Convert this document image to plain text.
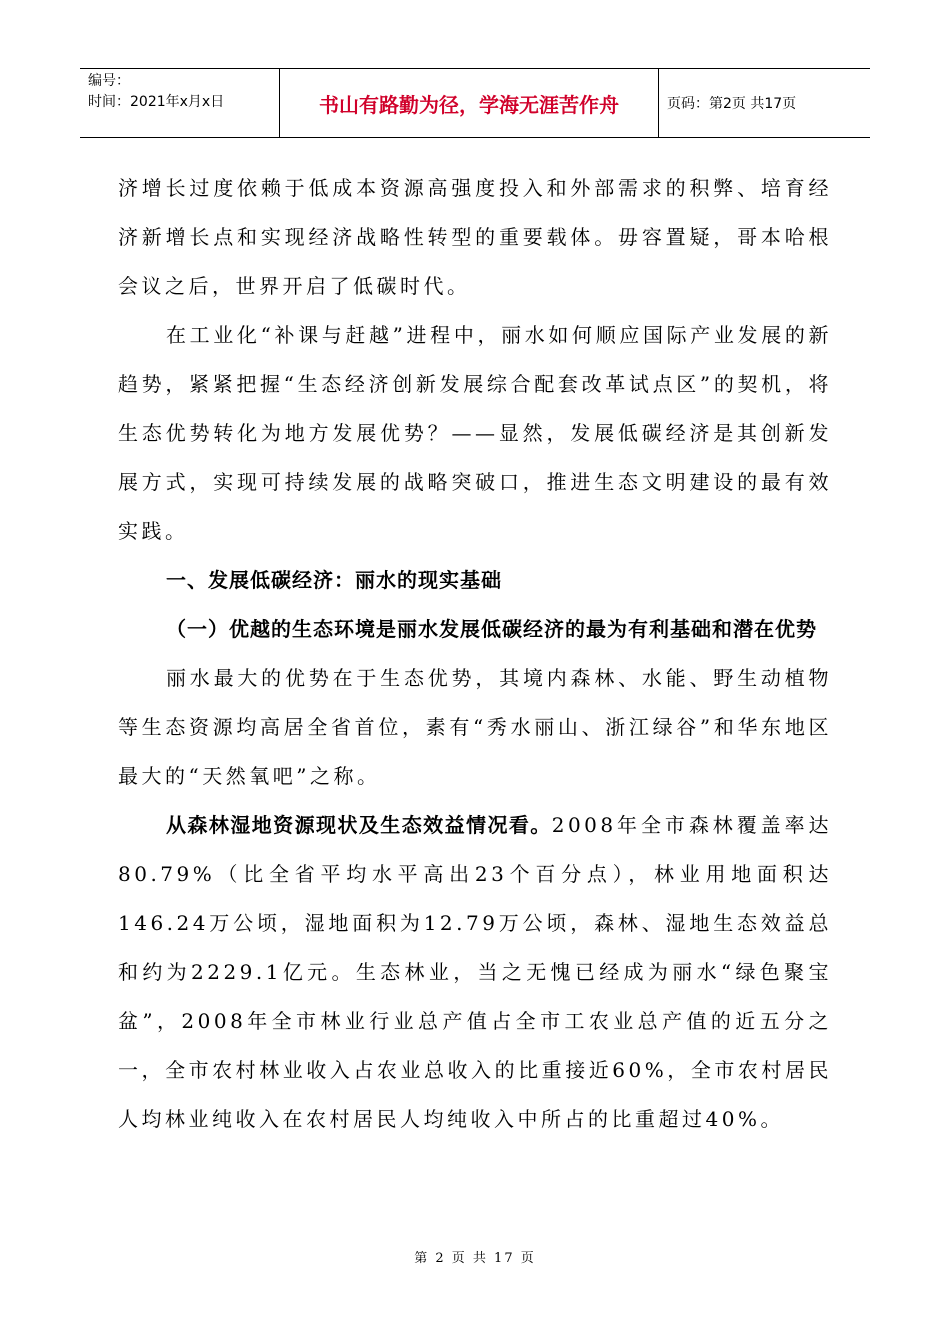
编号：
时间：2021年x月x日	书山有路勤为径，学海无涯苦作舟	页码：第2页 共17页

济增长过度依赖于低成本资源高强度投入和外部需求的积弊、培育经济新增长点和实现经济战略性转型的重要载体。毋容置疑，哥本哈根会议之后，世界开启了低碳时代。

在工业化“补课与赶越”进程中，丽水如何顺应国际产业发展的新趋势，紧紧把握“生态经济创新发展综合配套改革试点区”的契机，将生态优势转化为地方发展优势？——显然，发展低碳经济是其创新发展方式，实现可持续发展的战略突破口，推进生态文明建设的最有效实践。

一、发展低碳经济：丽水的现实基础

（一）优越的生态环境是丽水发展低碳经济的最为有利基础和潜在优势

丽水最大的优势在于生态优势，其境内森林、水能、野生动植物等生态资源均高居全省首位，素有“秀水丽山、浙江绿谷”和华东地区最大的“天然氧吧”之称。

从森林湿地资源现状及生态效益情况看。2008年全市森林覆盖率达80.79%（比全省平均水平高出23个百分点），林业用地面积达146.24万公顷，湿地面积为12.79万公顷，森林、湿地生态效益总和约为2229.1亿元。生态林业，当之无愧已经成为丽水“绿色聚宝盆”，2008年全市林业行业总产值占全市工农业总产值的近五分之一，全市农村林业收入占农业总收入的比重接近60%，全市农村居民人均林业纯收入在农村居民人均纯收入中所占的比重超过40%。

第 2 页 共 17 页
